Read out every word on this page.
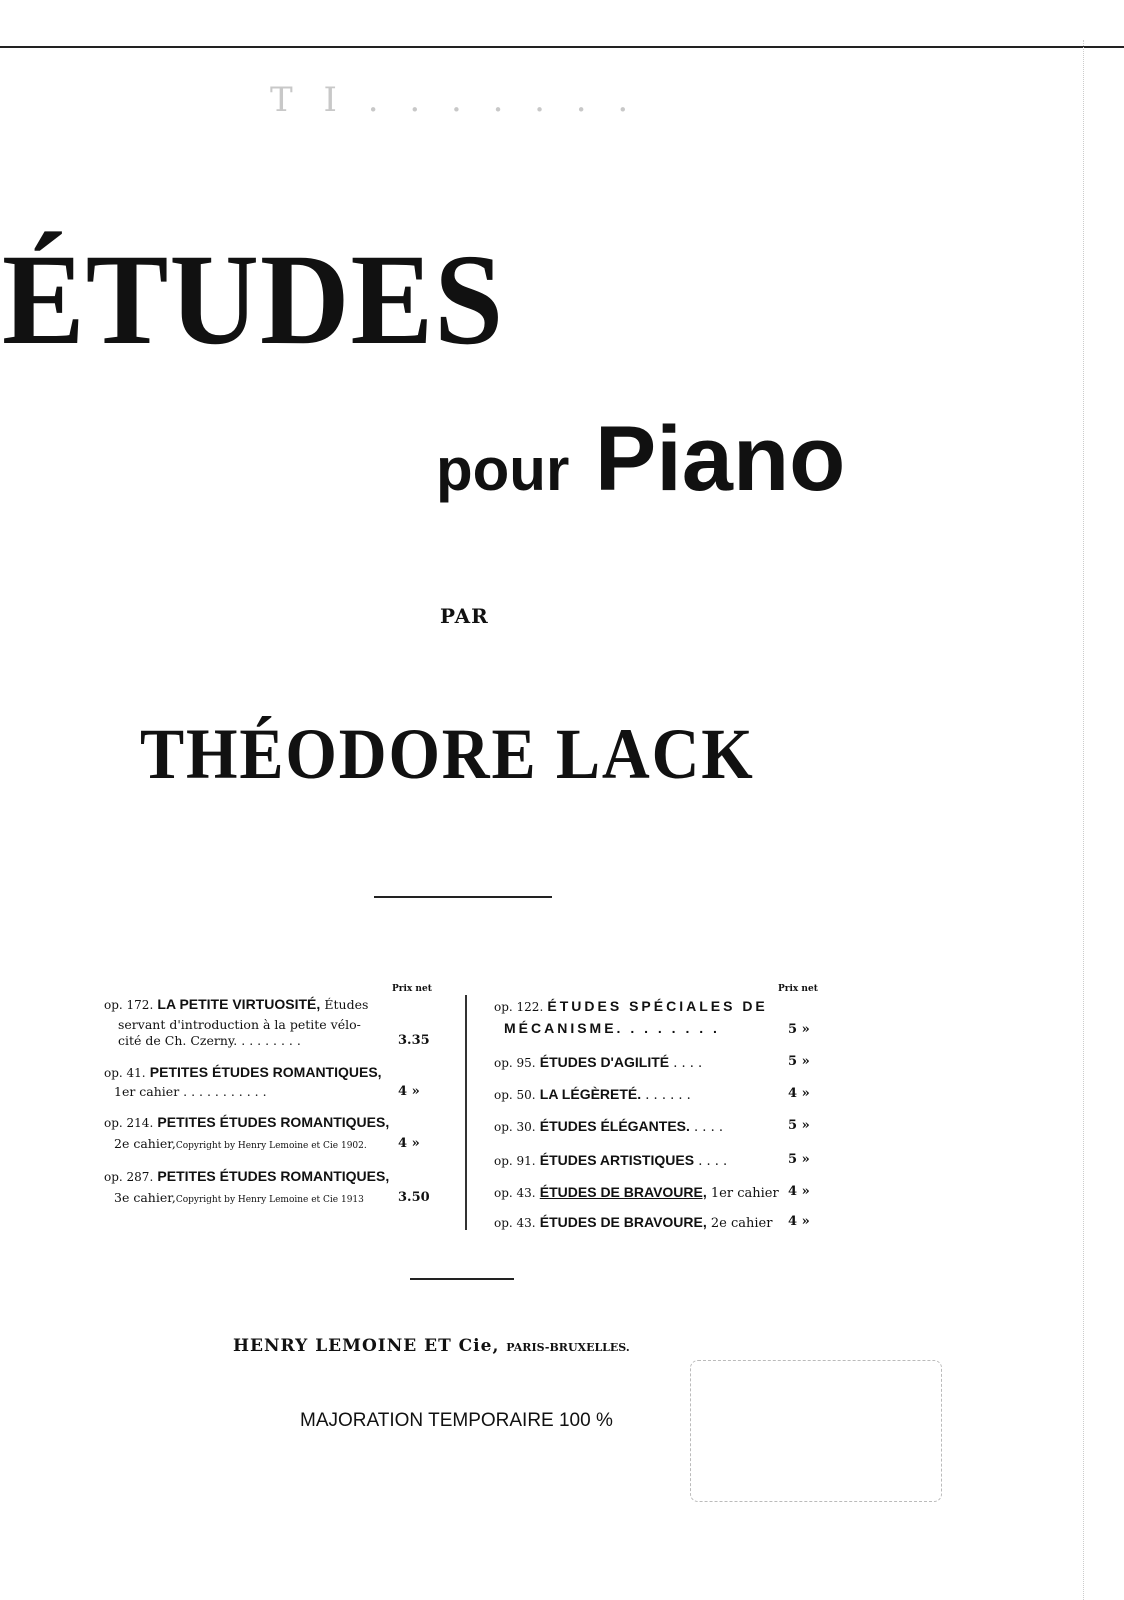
T I . . . . . . .
ÉTUDES
pour Piano
PAR
THÉODORE LACK
Prix net
op. 172. LA PETITE VIRTUOSITÉ, Études
servant d'introduction à la petite vélo-
cité de Ch. Czerny. . . . . . . . .	3.35
op. 41. PETITES ÉTUDES ROMANTIQUES,
1er cahier . . . . . . . . . . .	4 »
op. 214. PETITES ÉTUDES ROMANTIQUES,
2e cahier,Copyright by Henry Lemoine et Cie 1902. 4 »
op. 287. PETITES ÉTUDES ROMANTIQUES,
3e cahier,Copyright by Henry Lemoine et Cie 1913	3.50
Prix net
op. 122. ÉTUDES SPÉCIALES DE
MÉCANISME. . . . . . . .	5 »
op. 95. ÉTUDES D'AGILITÉ . . . .	5 »
op. 50. LA LÉGÈRETÉ. . . . . . .	4 »
op. 30. ÉTUDES ÉLÉGANTES. . . . .	5 »
op. 91. ÉTUDES ARTISTIQUES . . . .	5 »
op. 43. ÉTUDES DE BRAVOURE, 1er cahier 4 »
op. 43. ÉTUDES DE BRAVOURE, 2e cahier 4 »
HENRY LEMOINE ET Cie, PARIS-BRUXELLES.
MAJORATION TEMPORAIRE 100 %
